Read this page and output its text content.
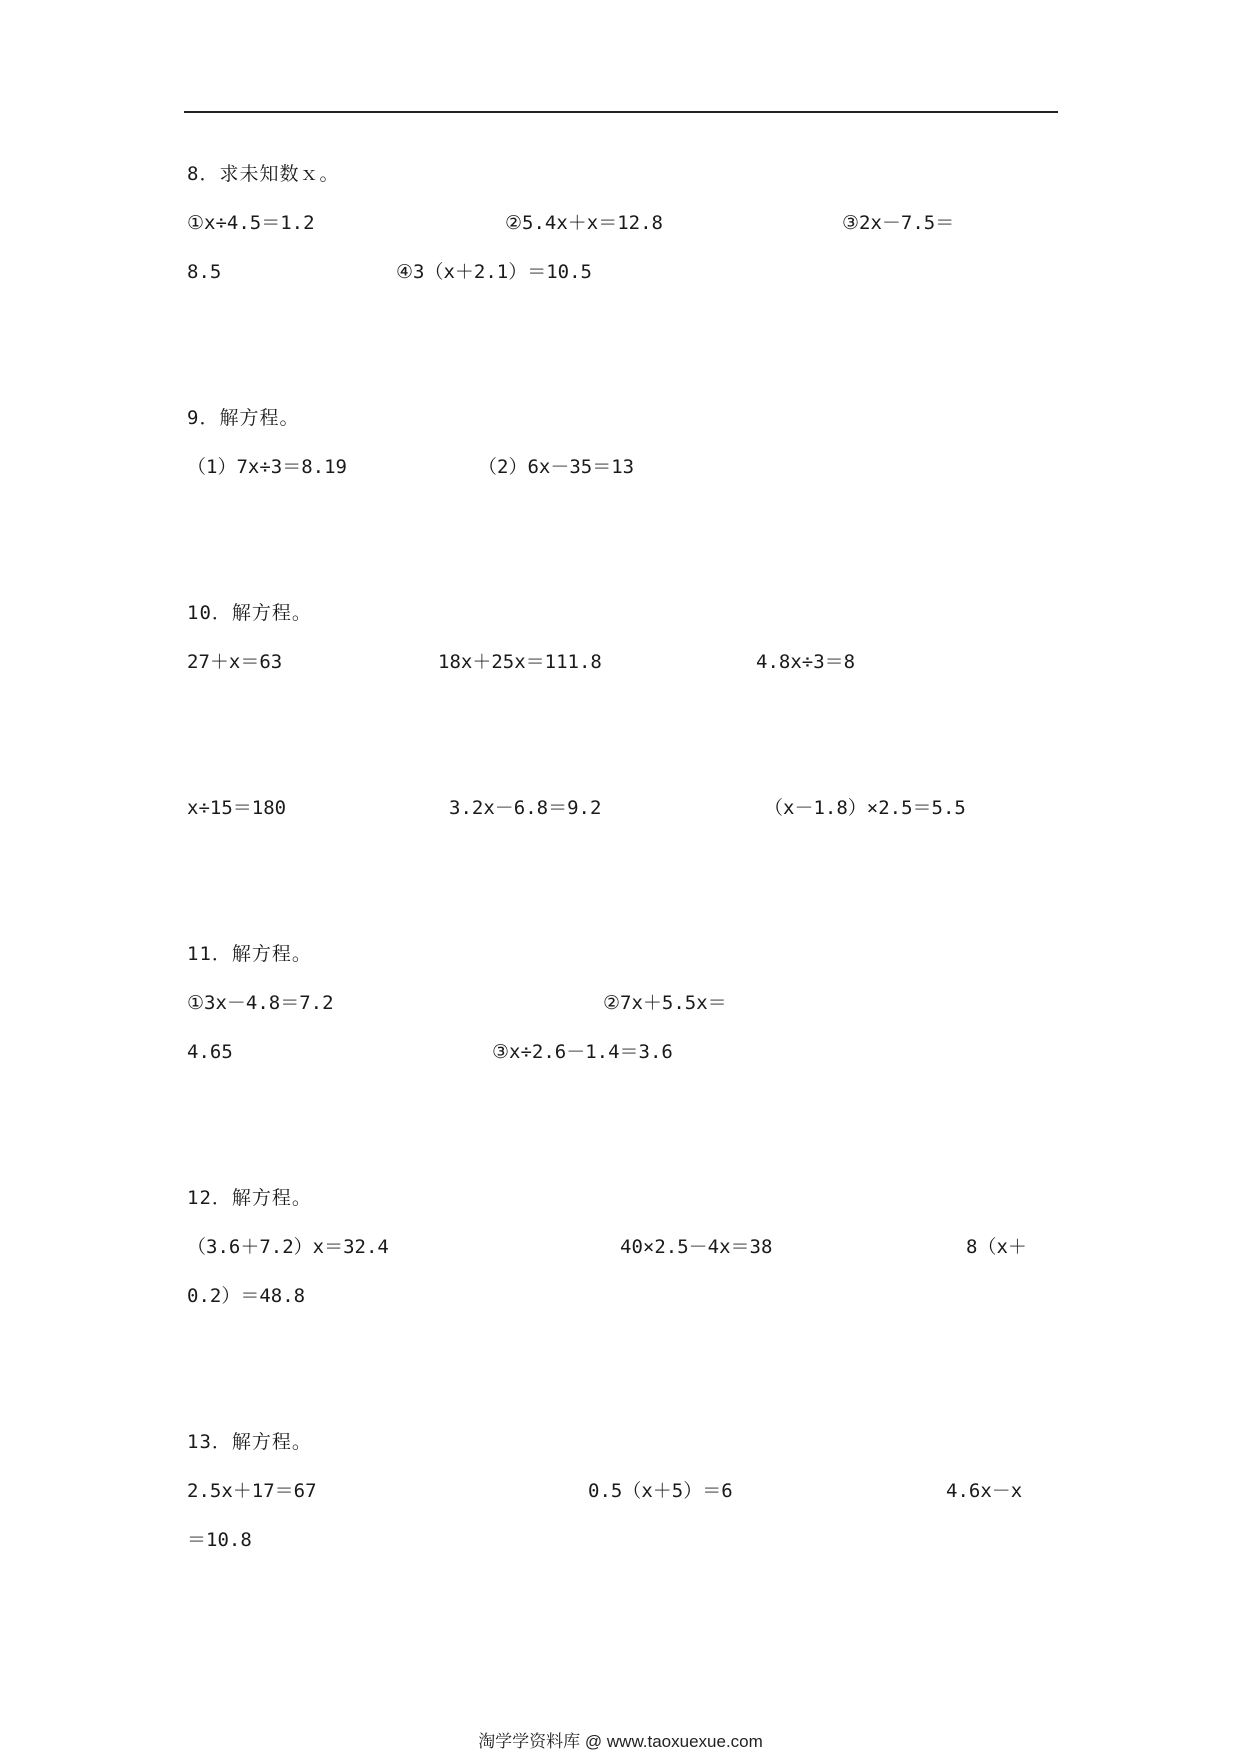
8．求未知数ｘ。
①x÷4.5＝1.2	②5.4x＋x＝12.8	③2x－7.5＝
8.5	④3（x＋2.1）＝10.5
9．解方程。
（1）7x÷3＝8.19	（2）6x－35＝13
10．解方程。
27＋x＝63	18x＋25x＝111.8	4.8x÷3＝8
x÷15＝180	3.2x－6.8＝9.2	（x－1.8）×2.5＝5.5
11．解方程。
①3x－4.8＝7.2	②7x＋5.5x＝
4.65	③x÷2.6－1.4＝3.6
12．解方程。
（3.6＋7.2）x＝32.4	40×2.5－4x＝38	8（x＋
0.2）＝48.8
13．解方程。
2.5x＋17＝67	0.5（x＋5）＝6	4.6x－x
＝10.8
淘学学资料库 @ www.taoxuexue.com
